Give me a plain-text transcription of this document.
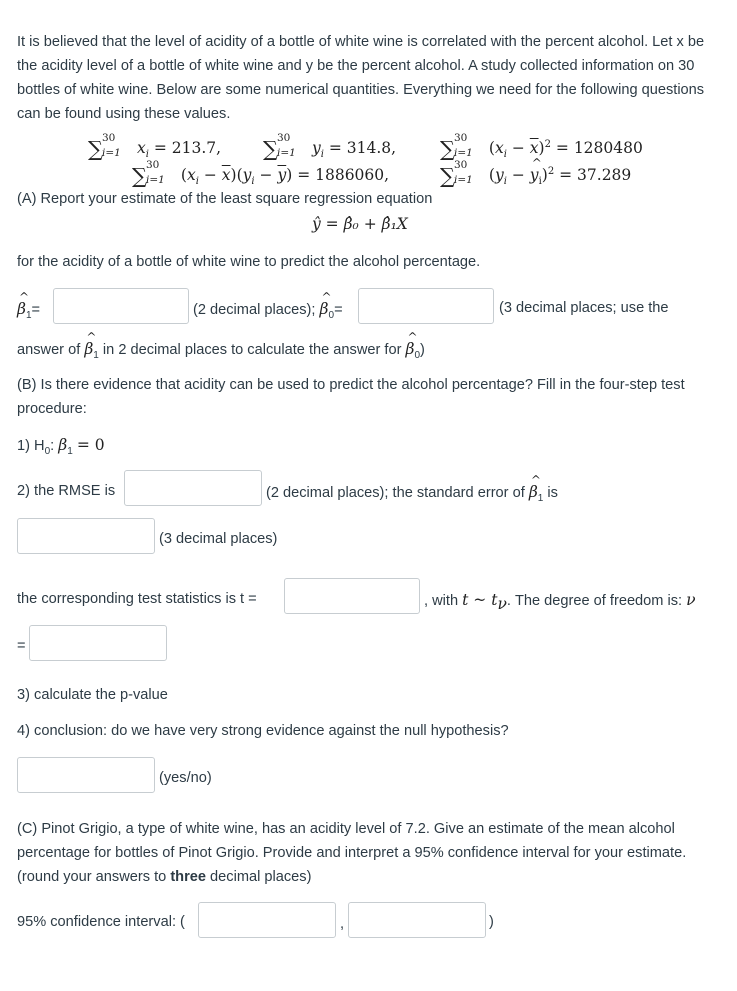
It is believed that the level of acidity of a bottle of white wine is correlated with the percent alcohol. Let x be the acidity level of a bottle of white wine and y be the percent alcohol. A study collected information on 30 bottles of white wine. Below are some numerical quantities. Everything we need for the following questions can be found using these values.
∑ 30
i=1 $x_i = 213.7$, ∑ 30
i=1 $y_i = 314.8$, ∑ 30
i=1 $(x_i - \overline{x})^2 = 1280480$
∑ 30
i=1 $(x_i - \overline{x})(y_i - \overline{y}) = 1886060$, ∑ 30
i=1 ($y_i$ − ^ $y_i)^2 = 37.289$
(A) Report your estimate of the least square regression equation
ŷ = β̂₀ + β̂₁X
for the acidity of a bottle of white wine to predict the alcohol percentage.
^ $\beta_1=$	(2 decimal places); ^ $\beta_0=$	(3 decimal places; use the
answer of ^ $\beta_1$ in 2 decimal places to calculate the answer for ^ $\beta_0$)
(B) Is there evidence that acidity can be used to predict the alcohol percentage? Fill in the four-step test procedure:
1) $H_0$: $\beta_1 = 0$
2) the RMSE is	(2 decimal places); the standard error of ^ $\beta_1$ is
(3 decimal places)
the corresponding test statistics is t =	, with t ~ $t_\nu$. The degree of freedom is: ν
=
3) calculate the p-value
4) conclusion: do we have very strong evidence against the null hypothesis?
(yes/no)
(C) Pinot Grigio, a type of white wine, has an acidity level of 7.2. Give an estimate of the mean alcohol percentage for bottles of Pinot Grigio. Provide and interpret a 95% confidence interval for your estimate. (round your answers to three decimal places)
95% confidence interval: (	,	)
